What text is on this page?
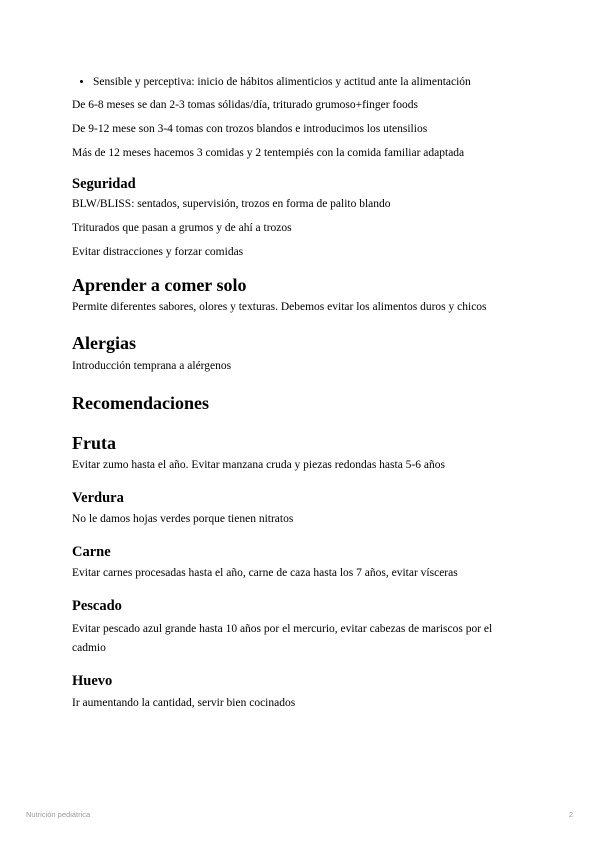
• Sensible y perceptiva: inicio de hábitos alimenticios y actitud ante la alimentación

De 6-8 meses se dan 2-3 tomas sólidas/día, triturado grumoso+finger foods

De 9-12 mese son 3-4 tomas con trozos blandos e introducimos los utensilios

Más de 12 meses hacemos 3 comidas y 2 tentempiés con la comida familiar adaptada

Seguridad

BLW/BLISS: sentados, supervisión, trozos en forma de palito blando

Triturados que pasan a grumos y de ahí a trozos

Evitar distracciones y forzar comidas

Aprender a comer solo

Permite diferentes sabores, olores y texturas. Debemos evitar los alimentos duros y chicos

Alergias

Introducción temprana a alérgenos

Recomendaciones
Fruta

Evitar zumo hasta el año. Evitar manzana cruda y piezas redondas hasta 5-6 años

Verdura

No le damos hojas verdes porque tienen nitratos

Carne

Evitar carnes procesadas hasta el año, carne de caza hasta los 7 años, evitar vísceras

Pescado

Evitar pescado azul grande hasta 10 años por el mercurio, evitar cabezas de mariscos por el cadmio

Huevo

Ir aumentando la cantidad, servir bien cocinados

Nutrición pediátrica	2
